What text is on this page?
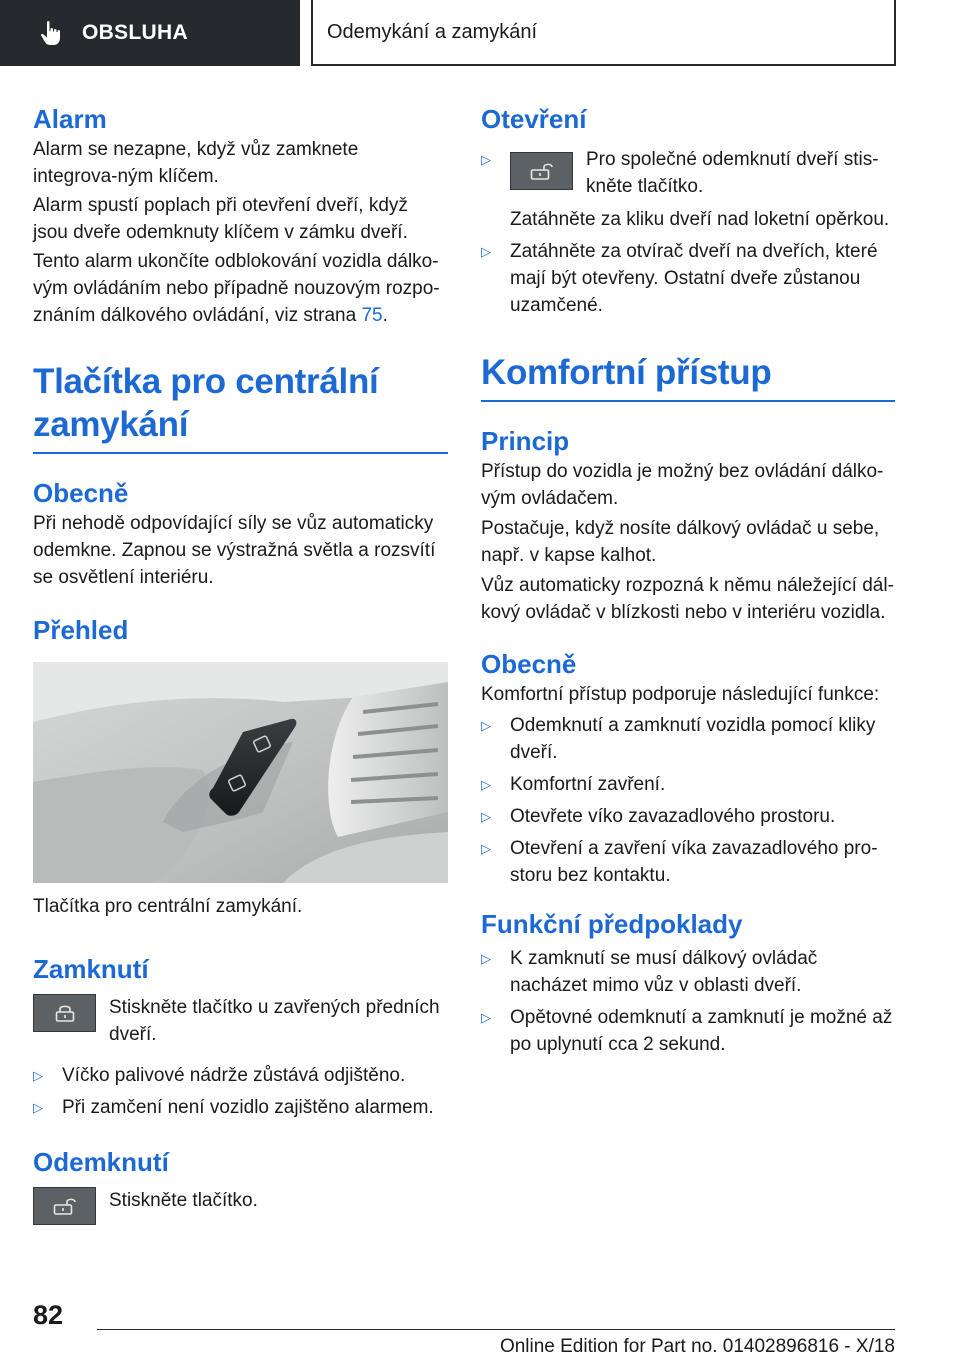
OBSLUHA	Odemykání a zamykání
Alarm

Alarm se nezapne, když vůz zamknete integrova-ným klíčem.

Alarm spustí poplach při otevření dveří, když jsou dveře odemknuty klíčem v zámku dveří.

Tento alarm ukončíte odblokování vozidla dálko-vým ovládáním nebo případně nouzovým rozpo-znáním dálkového ovládání, viz strana 75.

Tlačítka pro centrální zamykání
Obecně

Při nehodě odpovídající síly se vůz automaticky odemkne. Zapnou se výstražná světla a rozsvítí se osvětlení interiéru.

Přehled

Tlačítka pro centrální zamykání.

Zamknutí

Stiskněte tlačítko u zavřených předních dveří.

▷	Víčko palivové nádrže zůstává odjištěno.
▷	Při zamčení není vozidlo zajištěno alarmem.
Odemknutí

Stiskněte tlačítko.

Otevření
▷	Pro společné odemknutí dveří stis-kněte tlačítko.

Zatáhněte za kliku dveří nad loketní opěrkou.

▷	Zatáhněte za otvírač dveří na dveřích, které mají být otevřeny. Ostatní dveře zůstanou uzamčené.
Komfortní přístup
Princip

Přístup do vozidla je možný bez ovládání dálko-vým ovládačem.

Postačuje, když nosíte dálkový ovládač u sebe, např. v kapse kalhot.

Vůz automaticky rozpozná k němu náležející dál-kový ovládač v blízkosti nebo v interiéru vozidla.

Obecně

Komfortní přístup podporuje následující funkce:

▷	Odemknutí a zamknutí vozidla pomocí kliky dveří.
▷	Komfortní zavření.
▷	Otevřete víko zavazadlového prostoru.
▷	Otevření a zavření víka zavazadlového pro-storu bez kontaktu.
Funkční předpoklady
▷	K zamknutí se musí dálkový ovládač nacházet mimo vůz v oblasti dveří.
▷	Opětovné odemknutí a zamknutí je možné až po uplynutí cca 2 sekund.
82
Online Edition for Part no. 01402896816 - X/18
